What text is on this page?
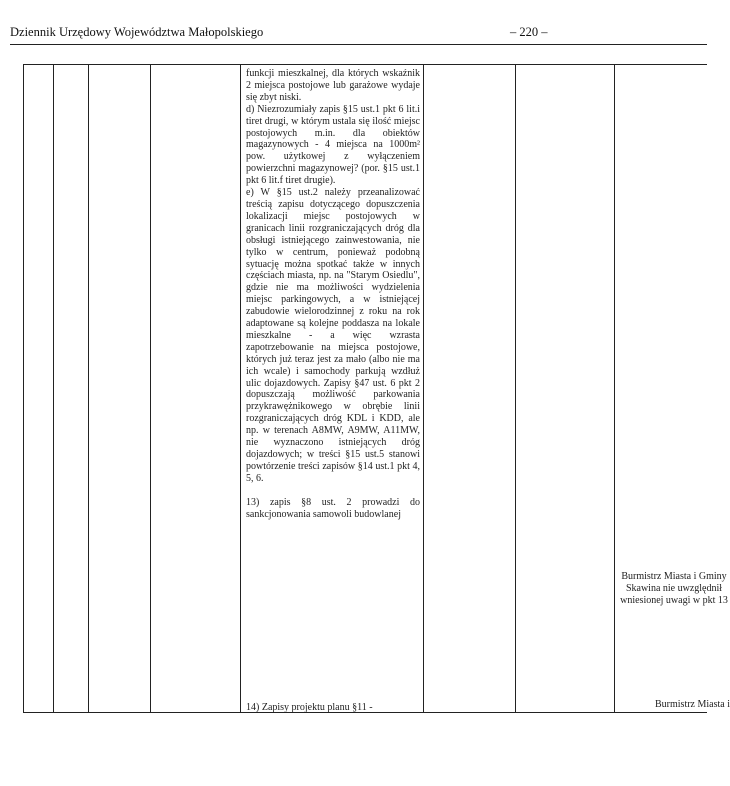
Dziennik Urzędowy Województwa Małopolskiego	– 220 –

funkcji mieszkalnej, dla których wskaźnik 2 miejsca postojowe lub garażowe wydaje się zbyt niski.

d) Niezrozumiały zapis §15 ust.1 pkt 6 lit.i tiret drugi, w którym ustala się ilość miejsc postojowych m.in. dla obiektów magazynowych - 4 miejsca na 1000m² pow. użytkowej z wyłączeniem powierzchni magazynowej? (por. §15 ust.1 pkt 6 lit.f tiret drugie).

e) W §15 ust.2 należy przeanalizować treścią zapisu dotyczącego dopuszczenia lokalizacji miejsc postojowych w granicach linii rozgraniczających dróg dla obsługi istniejącego zainwestowania, nie tylko w centrum, ponieważ podobną sytuację można spotkać także w innych częściach miasta, np. na "Starym Osiedlu", gdzie nie ma możliwości wydzielenia miejsc parkingowych, a w istniejącej zabudowie wielorodzinnej z roku na rok adaptowane są kolejne poddasza na lokale mieszkalne - a więc wzrasta zapotrzebowanie na miejsca postojowe, których już teraz jest za mało (albo nie ma ich wcale) i samochody parkują wzdłuż ulic dojazdowych. Zapisy §47 ust. 6 pkt 2 dopuszczają możliwość parkowania przykrawężnikowego w obrębie linii rozgraniczających dróg KDL i KDD, ale np. w terenach A8MW, A9MW, A11MW, nie wyznaczono istniejących dróg dojazdowych; w treści §15 ust.5 stanowi powtórzenie treści zapisów §14 ust.1 pkt 4, 5, 6.

13) zapis §8 ust. 2 prowadzi do sankcjonowania samowoli budowlanej

14) Zapisy projektu planu §11 -

Burmistrz Miasta i Gminy Skawina nie uwzględnił wniesionej uwagi w pkt 13
Burmistrz Miasta i
